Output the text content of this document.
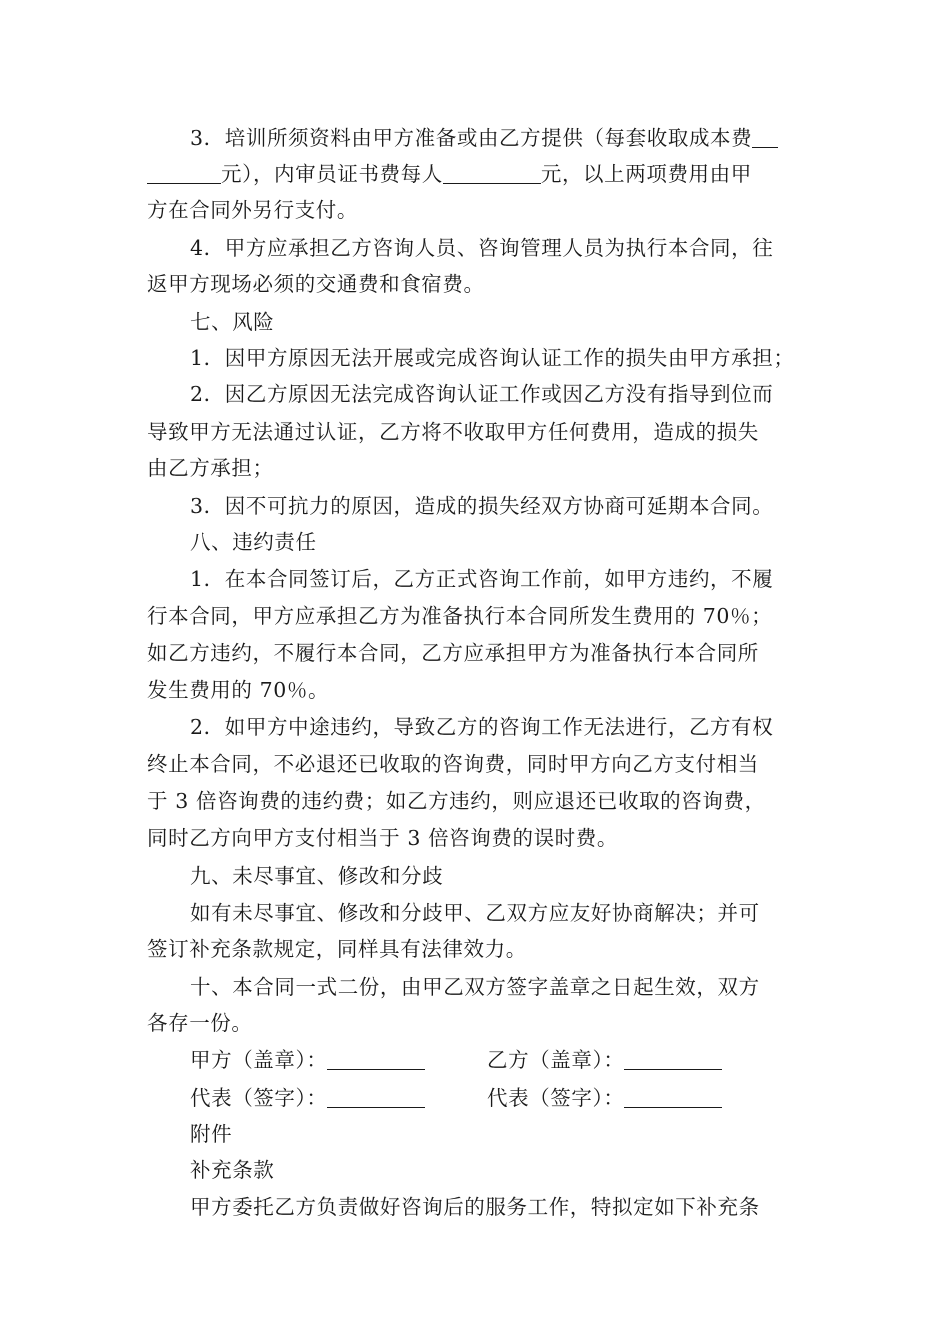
3．培训所须资料由甲方准备或由乙方提供（每套收取成本费
元），内审员证书费每人	元，以上两项费用由甲
方在合同外另行支付。
4．甲方应承担乙方咨询人员、咨询管理人员为执行本合同，往
返甲方现场必须的交通费和食宿费。
七、风险
1．因甲方原因无法开展或完成咨询认证工作的损失由甲方承担；
2．因乙方原因无法完成咨询认证工作或因乙方没有指导到位而
导致甲方无法通过认证，乙方将不收取甲方任何费用，造成的损失
由乙方承担；
3．因不可抗力的原因，造成的损失经双方协商可延期本合同。
八、违约责任
1．在本合同签订后，乙方正式咨询工作前，如甲方违约，不履
行本合同，甲方应承担乙方为准备执行本合同所发生费用的 70％；
如乙方违约，不履行本合同，乙方应承担甲方为准备执行本合同所
发生费用的 70％。
2．如甲方中途违约，导致乙方的咨询工作无法进行，乙方有权
终止本合同，不必退还已收取的咨询费，同时甲方向乙方支付相当
于 3 倍咨询费的违约费；如乙方违约，则应退还已收取的咨询费，
同时乙方向甲方支付相当于 3 倍咨询费的误时费。
九、未尽事宜、修改和分歧
如有未尽事宜、修改和分歧甲、乙双方应友好协商解决；并可
签订补充条款规定，同样具有法律效力。
十、本合同一式二份，由甲乙双方签字盖章之日起生效，双方
各存一份。
甲方（盖章）：	乙方（盖章）：
代表（签字）：	代表（签字）：
附件
补充条款
甲方委托乙方负责做好咨询后的服务工作，特拟定如下补充条
